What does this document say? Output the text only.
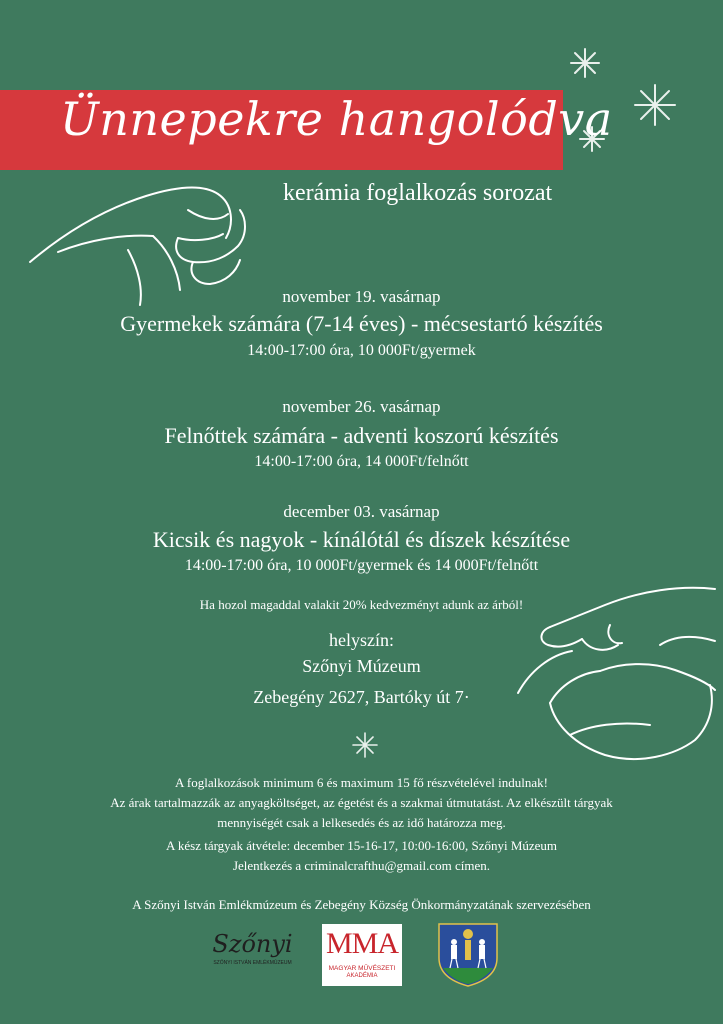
Ünnepekre hangolódva
kerámia foglalkozás sorozat
november 19. vasárnap
Gyermekek számára (7-14 éves) - mécsestartó készítés
14:00-17:00 óra, 10 000Ft/gyermek
november 26. vasárnap
Felnőttek számára - adventi koszorú készítés
14:00-17:00 óra, 14 000Ft/felnőtt
december 03. vasárnap
Kicsik és nagyok - kínálótál és díszek készítése
14:00-17:00 óra, 10 000Ft/gyermek és 14 000Ft/felnőtt
Ha hozol magaddal valakit 20% kedvezményt adunk az árból!
helyszín:
Szőnyi Múzeum
Zebegény 2627, Bartóky út 7·
A foglalkozások minimum 6 és maximum 15 fő részvételével indulnak!
Az árak tartalmazzák az anyagköltséget, az égetést és a szakmai útmutatást. Az elkészült tárgyak
mennyiségét csak a lelkesedés és az idő határozza meg.
A kész tárgyak átvétele: december 15-16-17, 10:00-16:00, Szőnyi Múzeum
Jelentkezés a criminalcrafthu@gmail.com címen.
A Szőnyi István Emlékmúzeum és Zebegény Község Önkormányzatának szervezésében
Szőnyi
SZŐNYI ISTVÁN EMLÉKMÚZEUM
MMA
MAGYAR MŰVÉSZETI
AKADÉMIA
